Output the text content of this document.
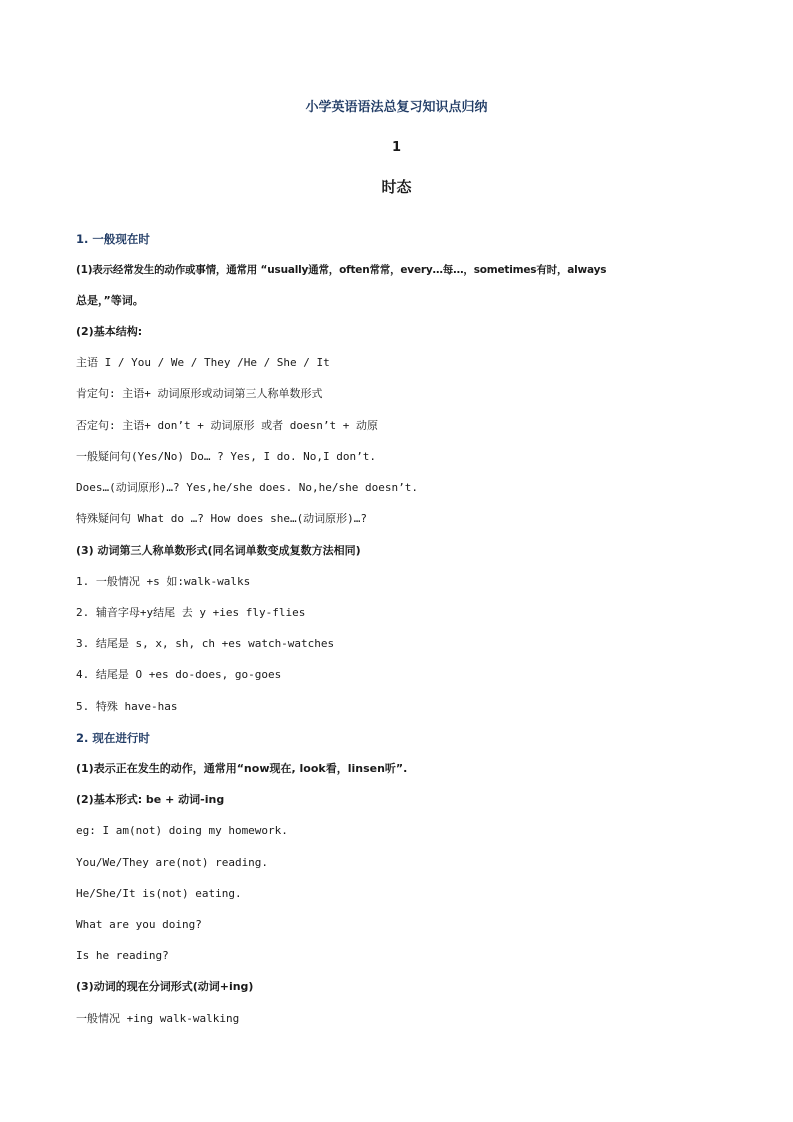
小学英语语法总复习知识点归纳
1
时态
1. 一般现在时
(1)表示经常发生的动作或事情，通常用 “usually通常，often常常，every…每…，sometimes有时，always
总是，”等词。
(2)基本结构:
主语 I / You / We / They /He / She / It
肯定句: 主语+ 动词原形或动词第三人称单数形式
否定句: 主语+ don’t + 动词原形 或者 doesn’t + 动原
一般疑问句(Yes/No) Do… ? Yes, I do. No,I don’t.
Does…(动词原形)…? Yes,he/she does. No,he/she doesn’t.
特殊疑问句 What do …? How does she…(动词原形)…?
(3) 动词第三人称单数形式(同名词单数变成复数方法相同)
1. 一般情况 +s 如:walk-walks
2. 辅音字母+y结尾 去 y +ies fly-flies
3. 结尾是 s, x, sh, ch +es watch-watches
4. 结尾是 O +es do-does, go-goes
5. 特殊 have-has
2. 现在进行时
(1)表示正在发生的动作，通常用“now现在, look看，linsen听”.
(2)基本形式: be + 动词-ing
eg: I am(not) doing my homework.
You/We/They are(not) reading.
He/She/It is(not) eating.
What are you doing?
Is he reading?
(3)动词的现在分词形式(动词+ing)
一般情况 +ing walk-walking
